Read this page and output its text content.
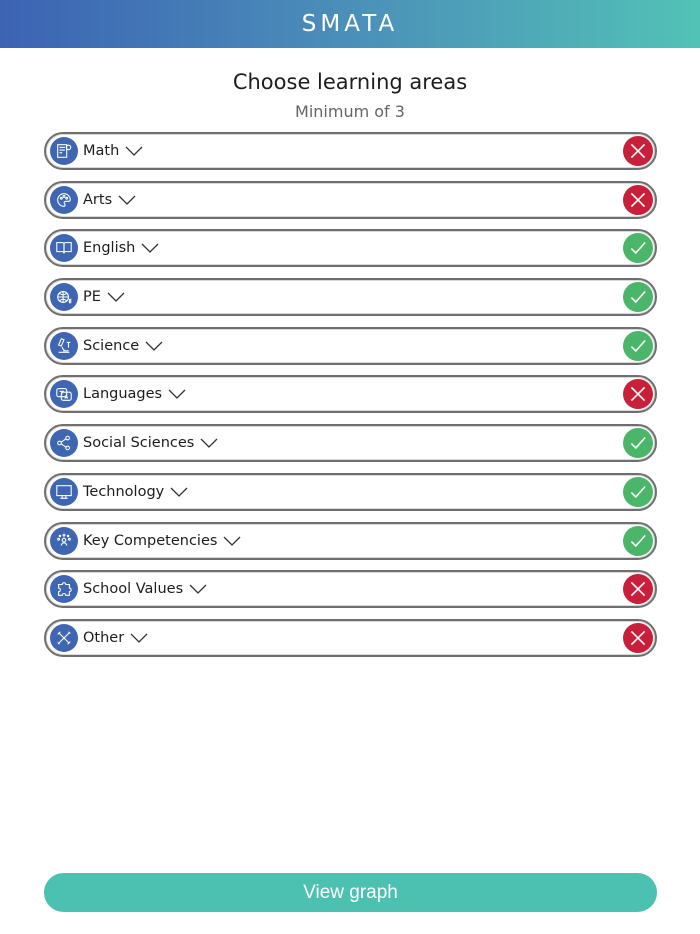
SMATA
Choose learning areas
Minimum of 3
Math
Arts
English
PE
Science
Languages
Social Sciences
Technology
Key Competencies
School Values
Other
View graph
